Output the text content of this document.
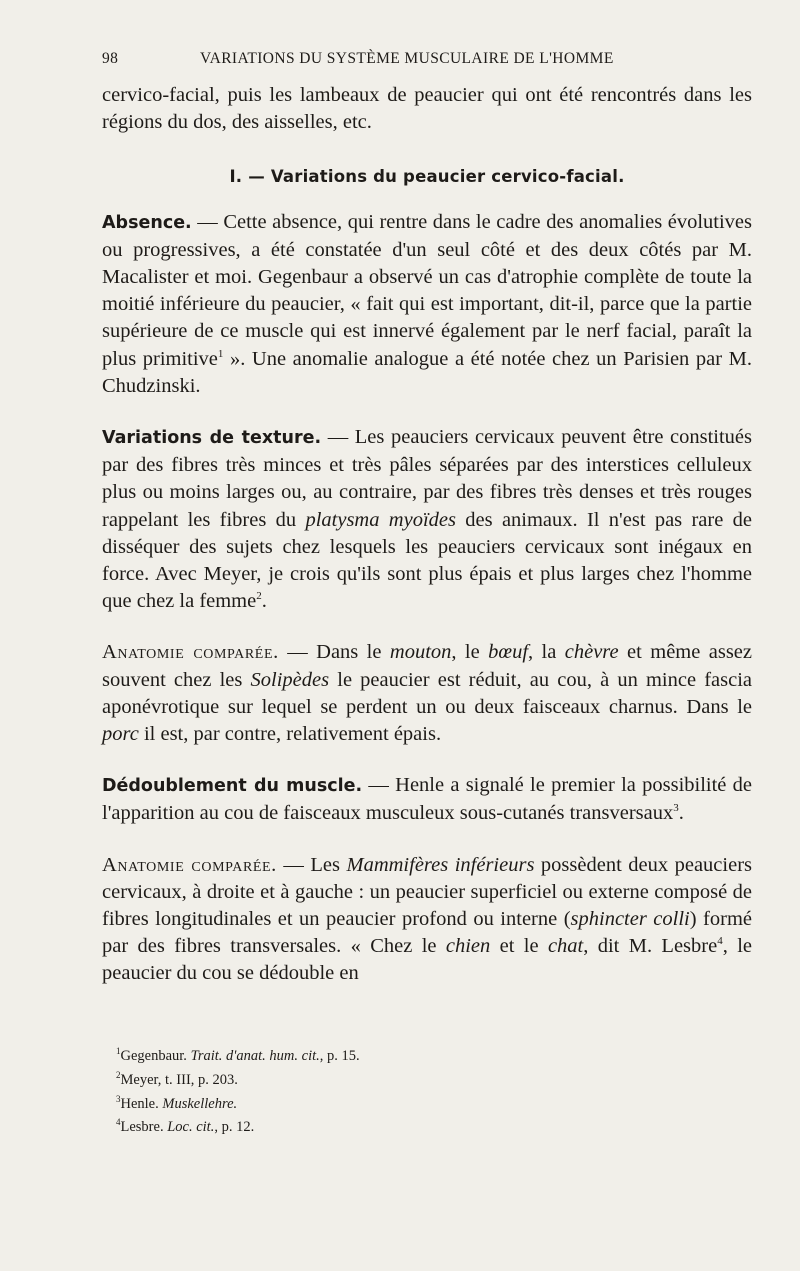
98	VARIATIONS DU SYSTÈME MUSCULAIRE DE L'HOMME

cervico-facial, puis les lambeaux de peaucier qui ont été rencontrés dans les régions du dos, des aisselles, etc.

I. — Variations du peaucier cervico-facial.

Absence. — Cette absence, qui rentre dans le cadre des anomalies évolutives ou progressives, a été constatée d'un seul côté et des deux côtés par M. Macalister et moi. Gegenbaur a observé un cas d'atrophie complète de toute la moitié inférieure du peaucier, « fait qui est important, dit-il, parce que la partie supérieure de ce muscle qui est innervé également par le nerf facial, paraît la plus primitive$^1$ ». Une anomalie analogue a été notée chez un Parisien par M. Chudzinski.

Variations de texture. — Les peauciers cervicaux peuvent être constitués par des fibres très minces et très pâles séparées par des interstices celluleux plus ou moins larges ou, au contraire, par des fibres très denses et très rouges rappelant les fibres du platysma myoïdes des animaux. Il n'est pas rare de disséquer des sujets chez lesquels les peauciers cervicaux sont inégaux en force. Avec Meyer, je crois qu'ils sont plus épais et plus larges chez l'homme que chez la femme$^2$.

Anatomie comparée. — Dans le mouton, le bœuf, la chèvre et même assez souvent chez les Solipèdes le peaucier est réduit, au cou, à un mince fascia aponévrotique sur lequel se perdent un ou deux faisceaux charnus. Dans le porc il est, par contre, relativement épais.

Dédoublement du muscle. — Henle a signalé le premier la possibilité de l'apparition au cou de faisceaux musculeux sous-cutanés transversaux$^3$.

Anatomie comparée. — Les Mammifères inférieurs possèdent deux peauciers cervicaux, à droite et à gauche : un peaucier superficiel ou externe composé de fibres longitudinales et un peaucier profond ou interne (sphincter colli) formé par des fibres transversales. « Chez le chien et le chat, dit M. Lesbre$^4$, le peaucier du cou se dédouble en

$^1$Gegenbaur. Trait. d'anat. hum. cit., p. 15.

$^2$Meyer, t. III, p. 203.

$^3$Henle. Muskellehre.

$^4$Lesbre. Loc. cit., p. 12.
